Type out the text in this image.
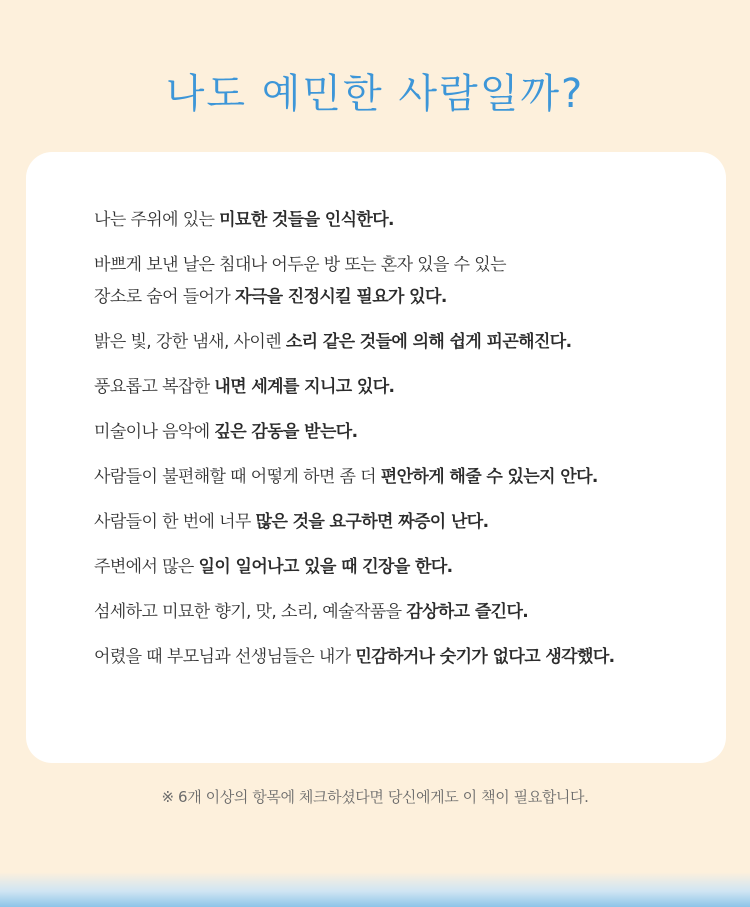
나도 예민한 사람일까?
나는 주위에 있는 미묘한 것들을 인식한다.
바쁘게 보낸 날은 침대나 어두운 방 또는 혼자 있을 수 있는
장소로 숨어 들어가 자극을 진정시킬 필요가 있다.
밝은 빛, 강한 냄새, 사이렌 소리 같은 것들에 의해 쉽게 피곤해진다.
풍요롭고 복잡한 내면 세계를 지니고 있다.
미술이나 음악에 깊은 감동을 받는다.
사람들이 불편해할 때 어떻게 하면 좀 더 편안하게 해줄 수 있는지 안다.
사람들이 한 번에 너무 많은 것을 요구하면 짜증이 난다.
주변에서 많은 일이 일어나고 있을 때 긴장을 한다.
섬세하고 미묘한 향기, 맛, 소리, 예술작품을 감상하고 즐긴다.
어렸을 때 부모님과 선생님들은 내가 민감하거나 숫기가 없다고 생각했다.

※ 6개 이상의 항목에 체크하셨다면 당신에게도 이 책이 필요합니다.
